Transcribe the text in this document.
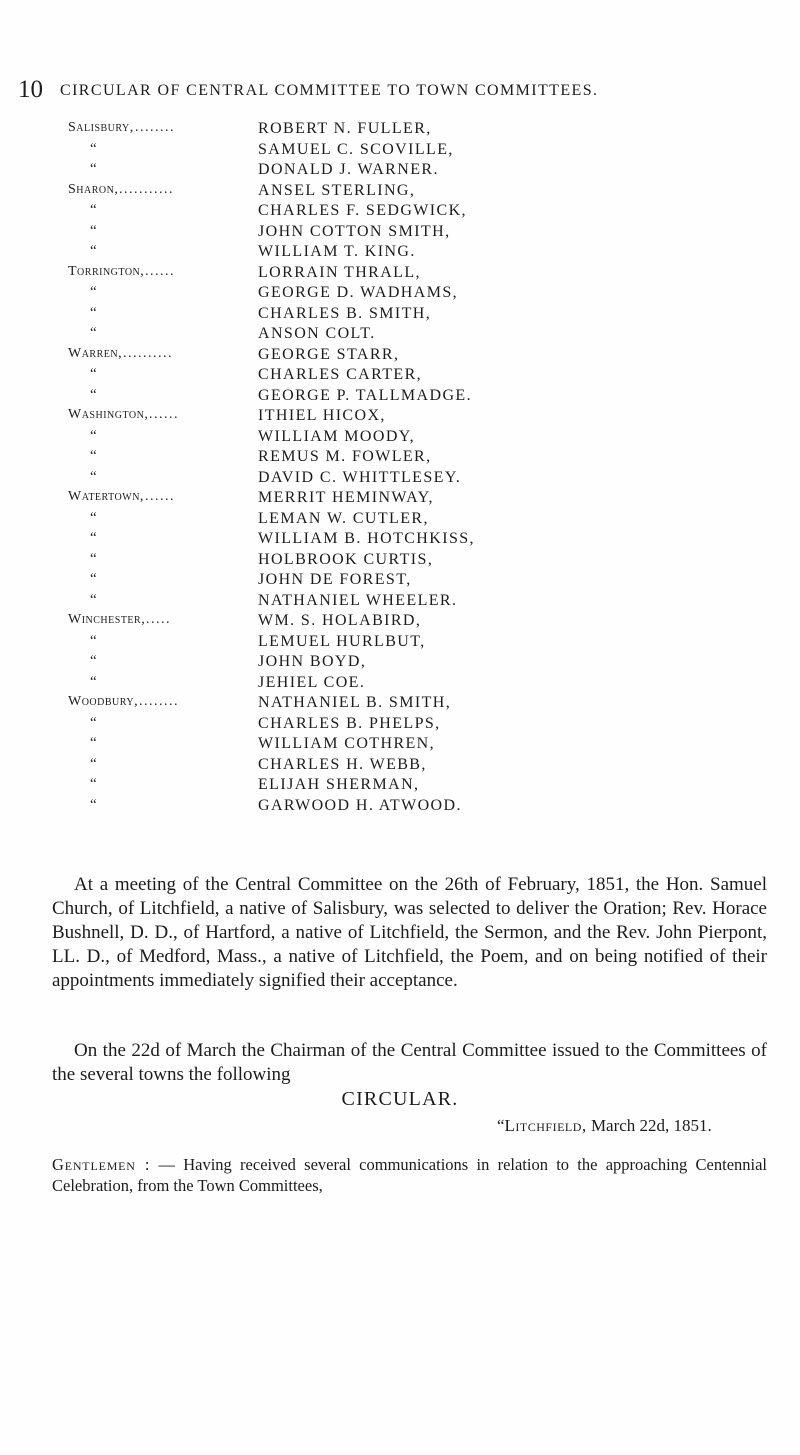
10 CIRCULAR OF CENTRAL COMMITTEE TO TOWN COMMITTEES.
Salisbury, ........	ROBERT N. FULLER,
“	SAMUEL C. SCOVILLE,
“	DONALD J. WARNER.
Sharon, ...........	ANSEL STERLING,
“	CHARLES F. SEDGWICK,
“	JOHN COTTON SMITH,
“	WILLIAM T. KING.
Torrington, ......	LORRAIN THRALL,
“	GEORGE D. WADHAMS,
“	CHARLES B. SMITH,
“	ANSON COLT.
Warren, ..........	GEORGE STARR,
“	CHARLES CARTER,
“	GEORGE P. TALLMADGE.
Washington, ......	ITHIEL HICOX,
“	WILLIAM MOODY,
“	REMUS M. FOWLER,
“	DAVID C. WHITTLESEY.
Watertown, ......	MERRIT HEMINWAY,
“	LEMAN W. CUTLER,
“	WILLIAM B. HOTCHKISS,
“	HOLBROOK CURTIS,
“	JOHN DE FOREST,
“	NATHANIEL WHEELER.
Winchester, .....	WM. S. HOLABIRD,
“	LEMUEL HURLBUT,
“	JOHN BOYD,
“	JEHIEL COE.
Woodbury, ........	NATHANIEL B. SMITH,
“	CHARLES B. PHELPS,
“	WILLIAM COTHREN,
“	CHARLES H. WEBB,
“	ELIJAH SHERMAN,
“	GARWOOD H. ATWOOD.

At a meeting of the Central Committee on the 26th of February, 1851, the Hon. Samuel Church, of Litchfield, a native of Salisbury, was selected to deliver the Oration; Rev. Horace Bushnell, D. D., of Hartford, a native of Litchfield, the Sermon, and the Rev. John Pierpont, LL. D., of Medford, Mass., a native of Litchfield, the Poem, and on being notified of their appointments immediately signified their acceptance.

On the 22d of March the Chairman of the Central Committee issued to the Committees of the several towns the following

CIRCULAR.
“Litchfield, March 22d, 1851.

Gentlemen : — Having received several communications in relation to the approaching Centennial Celebration, from the Town Committees,
